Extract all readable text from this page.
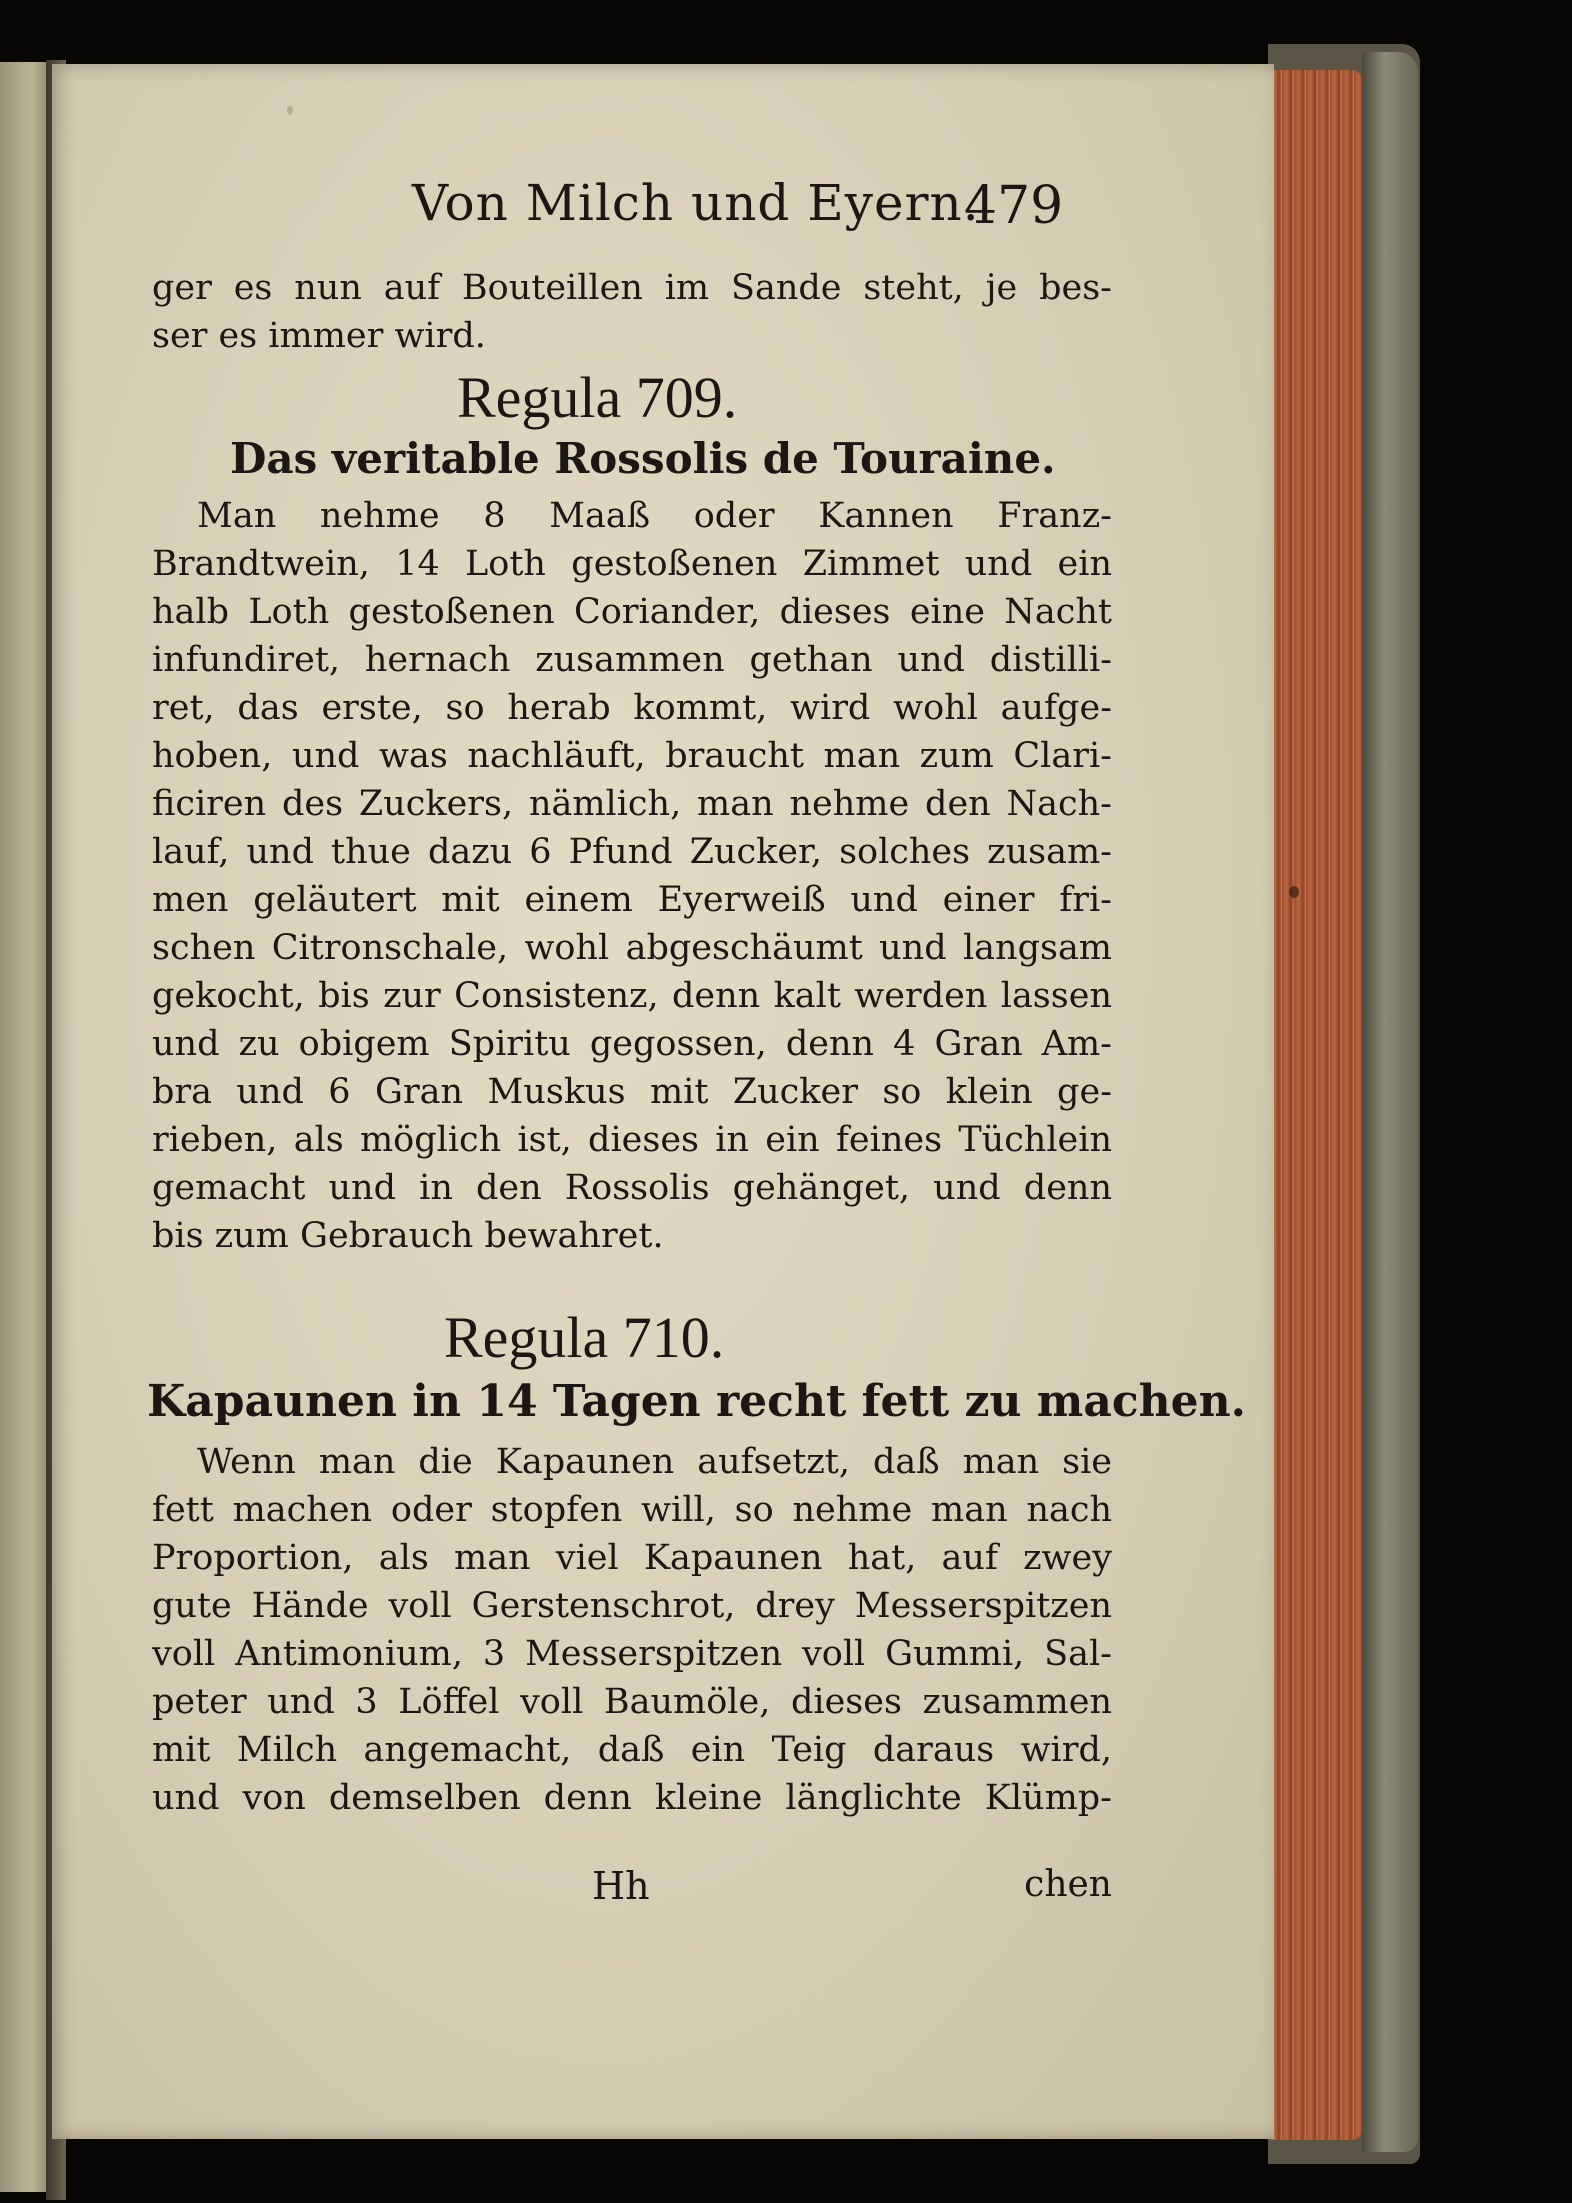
Von Milch und Eyern.
479
ger es nun auf Bouteillen im Sande steht, je bes-
ser es immer wird.
Regula 709.
Das veritable Rossolis de Touraine.
Man nehme 8 Maaß oder Kannen Franz-
Brandtwein, 14 Loth gestoßenen Zimmet und ein
halb Loth gestoßenen Coriander, dieses eine Nacht
infundiret, hernach zusammen gethan und distilli-
ret, das erste, so herab kommt, wird wohl aufge-
hoben, und was nachläuft, braucht man zum Clari-
ficiren des Zuckers, nämlich, man nehme den Nach-
lauf, und thue dazu 6 Pfund Zucker, solches zusam-
men geläutert mit einem Eyerweiß und einer fri-
schen Citronschale, wohl abgeschäumt und langsam
gekocht, bis zur Consistenz, denn kalt werden lassen
und zu obigem Spiritu gegossen, denn 4 Gran Am-
bra und 6 Gran Muskus mit Zucker so klein ge-
rieben, als möglich ist, dieses in ein feines Tüchlein
gemacht und in den Rossolis gehänget, und denn
bis zum Gebrauch bewahret.
Regula 710.
Kapaunen in 14 Tagen recht fett zu machen.
Wenn man die Kapaunen aufsetzt, daß man sie
fett machen oder stopfen will, so nehme man nach
Proportion, als man viel Kapaunen hat, auf zwey
gute Hände voll Gerstenschrot, drey Messerspitzen
voll Antimonium, 3 Messerspitzen voll Gummi, Sal-
peter und 3 Löffel voll Baumöle, dieses zusammen
mit Milch angemacht, daß ein Teig daraus wird,
und von demselben denn kleine länglichte Klümp-
Hh	chen
